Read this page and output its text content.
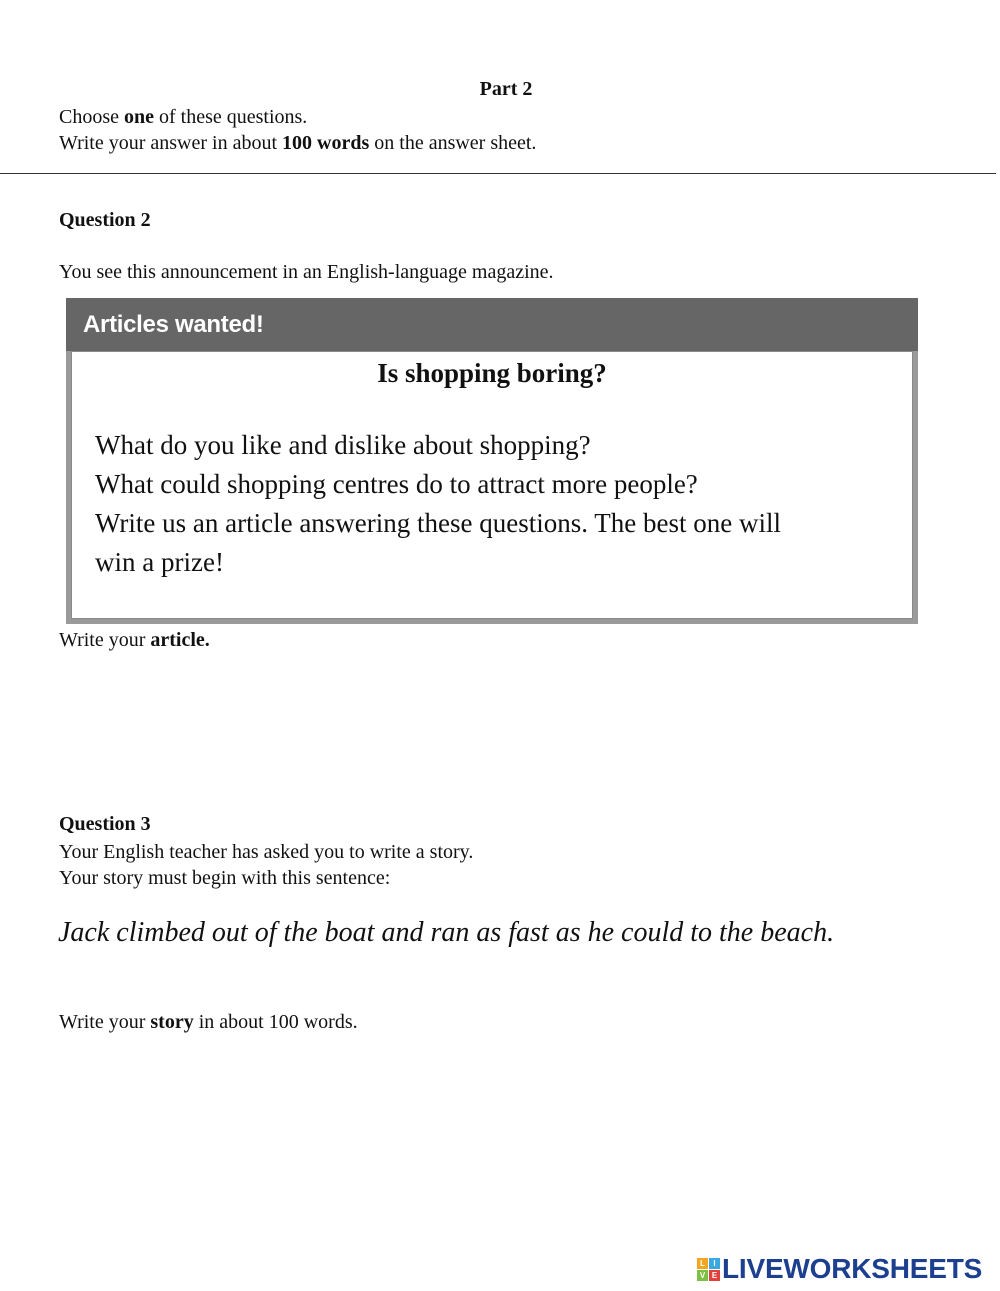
Part 2
Choose one of these questions.
Write your answer in about 100 words on the answer sheet.
Question 2
You see this announcement in an English-language magazine.
Articles wanted!
Is shopping boring?
What do you like and dislike about shopping?
What could shopping centres do to attract more people?
Write us an article answering these questions. The best one will
win a prize!
Write your article.
Question 3
Your English teacher has asked you to write a story.
Your story must begin with this sentence:
Jack climbed out of the boat and ran as fast as he could to the beach.
Write your story in about 100 words.
L	I
V E LIVEWORKSHEETS
